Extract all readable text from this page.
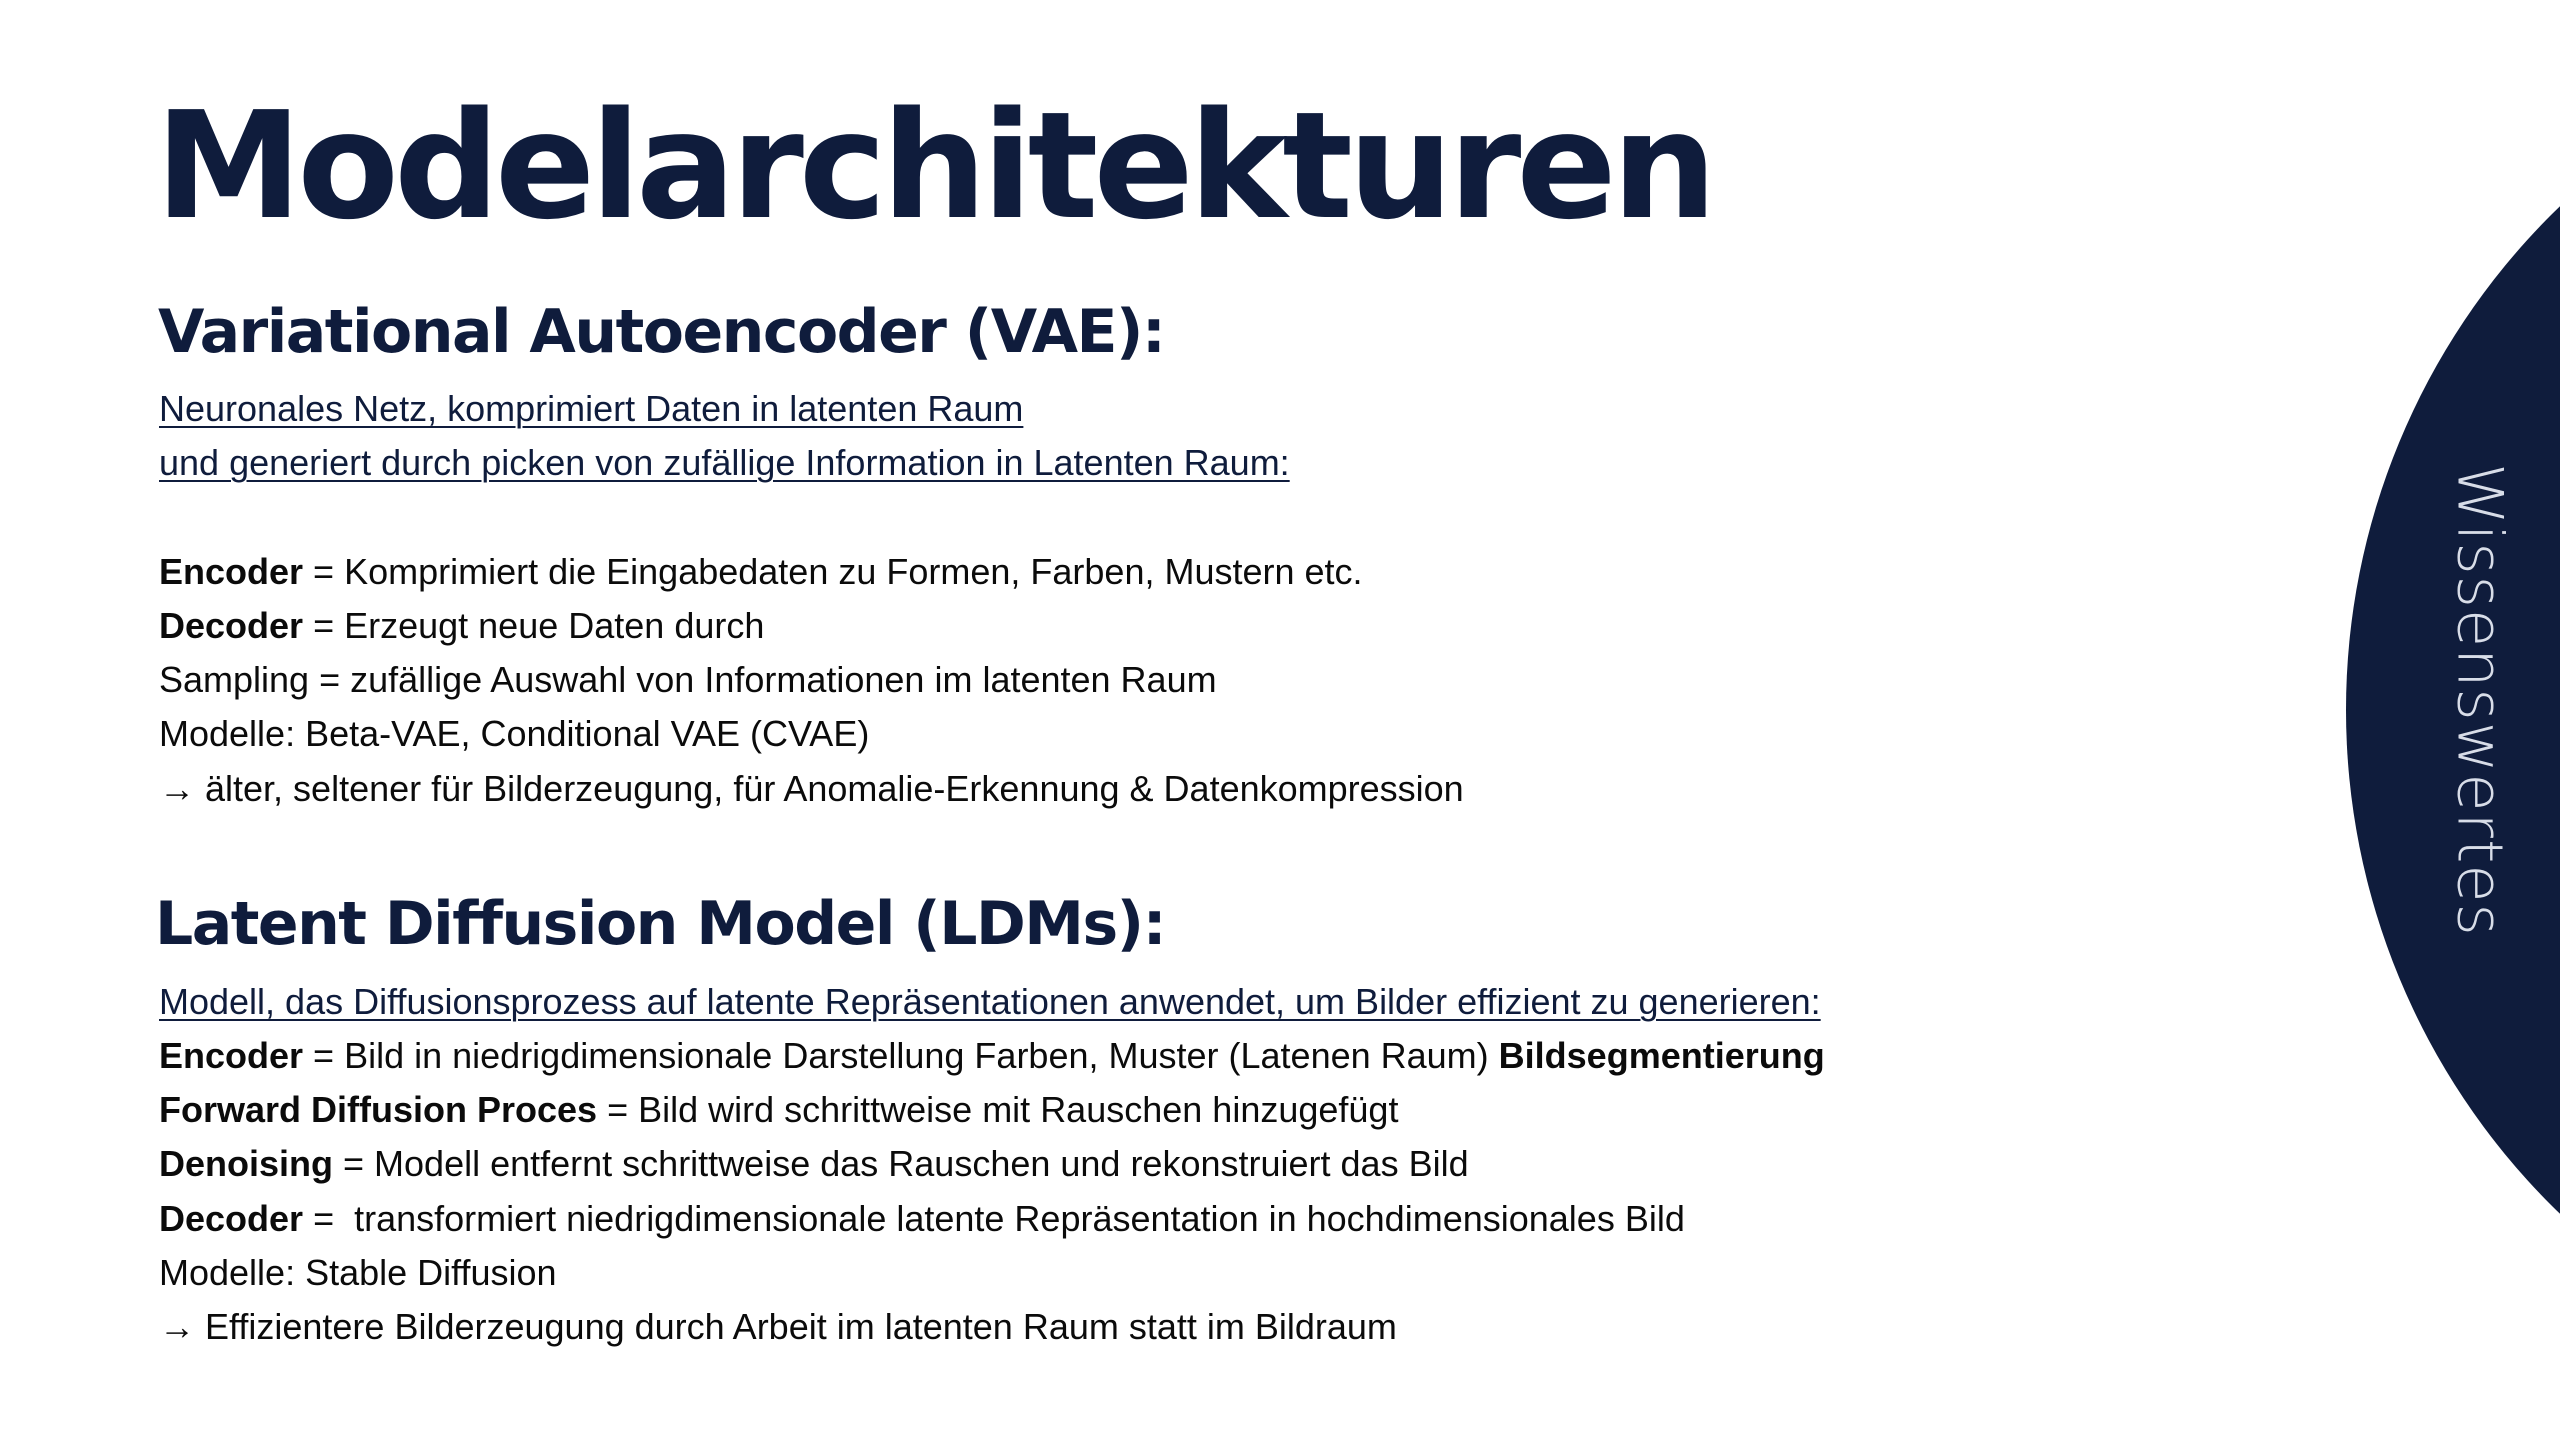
Wissenswertes
Modelarchitekturen
Variational Autoencoder (VAE):
Neuronales Netz, komprimiert Daten in latenten Raum
und generiert durch picken von zufällige Information in Latenten Raum:
Encoder = Komprimiert die Eingabedaten zu Formen, Farben, Mustern etc.
Decoder = Erzeugt neue Daten durch
Sampling = zufällige Auswahl von Informationen im latenten Raum
Modelle: Beta-VAE, Conditional VAE (CVAE)
→ älter, seltener für Bilderzeugung, für Anomalie-Erkennung & Datenkompression
Latent Diffusion Model (LDMs):
Modell, das Diffusionsprozess auf latente Repräsentationen anwendet, um Bilder effizient zu generieren:
Encoder = Bild in niedrigdimensionale Darstellung Farben, Muster (Latenen Raum) Bildsegmentierung
Forward Diffusion Proces = Bild wird schrittweise mit Rauschen hinzugefügt
Denoising = Modell entfernt schrittweise das Rauschen und rekonstruiert das Bild
Decoder =  transformiert niedrigdimensionale latente Repräsentation in hochdimensionales Bild
Modelle: Stable Diffusion
→ Effizientere Bilderzeugung durch Arbeit im latenten Raum statt im Bildraum
